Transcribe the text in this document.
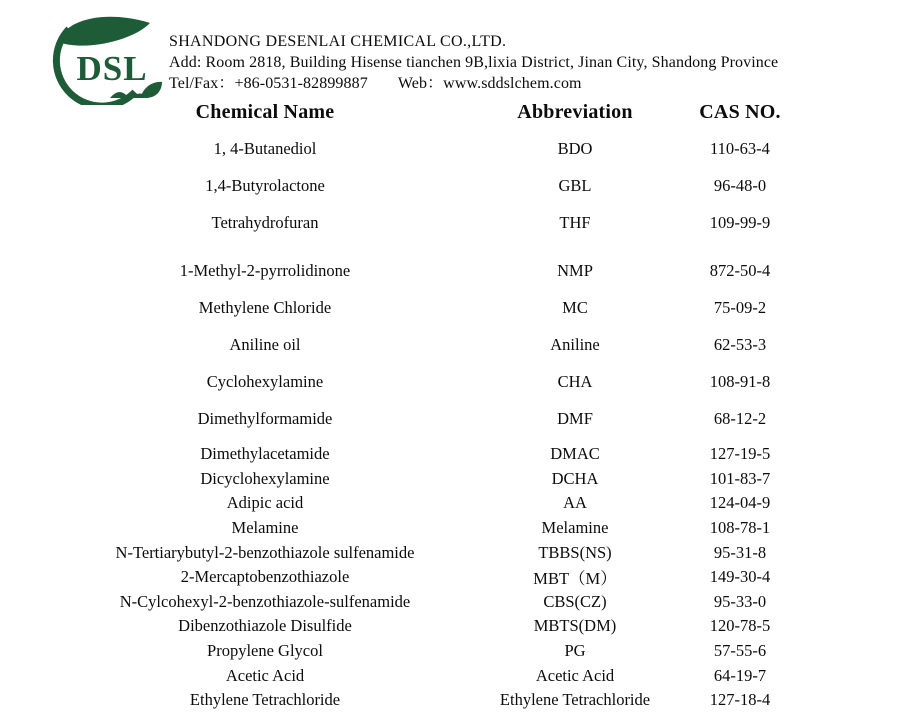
DSL
SHANDONG DESENLAI CHEMICAL CO.,LTD.
Add: Room 2818, Building Hisense tianchen 9B,lixia District, Jinan City, Shandong Province
Tel/Fax：+86-0531-82899887 Web：www.sddslchem.com
Chemical Name	Abbreviation	CAS NO.
1, 4-Butanediol	BDO	110-63-4
1,4-Butyrolactone	GBL	96-48-0
Tetrahydrofuran	THF	109-99-9
1-Methyl-2-pyrrolidinone	NMP	872-50-4
Methylene Chloride	MC	75-09-2
Aniline oil	Aniline	62-53-3
Cyclohexylamine	CHA	108-91-8
Dimethylformamide	DMF	68-12-2
Dimethylacetamide	DMAC	127-19-5
Dicyclohexylamine	DCHA	101-83-7
Adipic acid	AA	124-04-9
Melamine	Melamine	108-78-1
N-Tertiarybutyl-2-benzothiazole sulfenamide	TBBS(NS)	95-31-8
2-Mercaptobenzothiazole	MBT（M）	149-30-4
N-Cylcohexyl-2-benzothiazole-sulfenamide	CBS(CZ)	95-33-0
Dibenzothiazole Disulfide	MBTS(DM)	120-78-5
Propylene Glycol	PG	57-55-6
Acetic Acid	Acetic Acid	64-19-7
Ethylene Tetrachloride	Ethylene Tetrachloride	127-18-4
